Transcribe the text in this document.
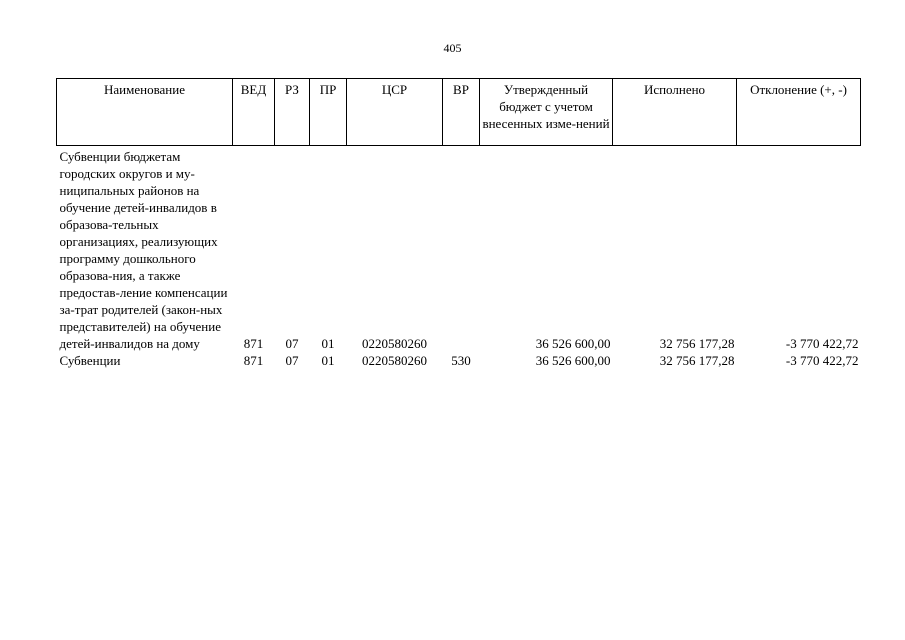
405
Наименование	ВЕД	РЗ	ПР	ЦСР	ВР	Утвержденный бюджет с учетом внесенных изме-нений	Исполнено	Отклонение (+, -)
Субвенции бюджетам городских округов и му-ниципальных районов на обучение детей-инвалидов в образова-тельных организациях, реализующих программу дошкольного образова-ния, а также предостав-ление компенсации за-трат родителей (закон-ных представителей) на обучение детей-инвалидов на дому	871	07	01	0220580260		36 526 600,00	32 756 177,28	-3 770 422,72
Субвенции	871	07	01	0220580260	530	36 526 600,00	32 756 177,28	-3 770 422,72
